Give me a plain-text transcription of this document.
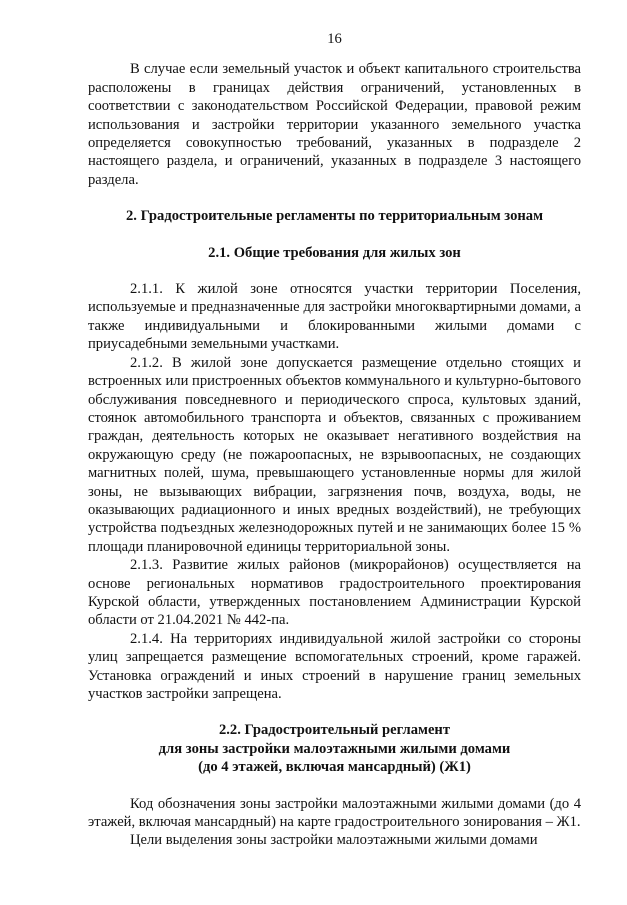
16

В случае если земельный участок и объект капитального строительства расположены в границах действия ограничений, установленных в соответствии с законодательством Российской Федерации, правовой режим использования и застройки территории указанного земельного участка определяется совокупностью требований, указанных в подразделе 2 настоящего раздела, и ограничений, указанных в подразделе 3 настоящего раздела.

2. Градостроительные регламенты по территориальным зонам
2.1. Общие требования для жилых зон

2.1.1. К жилой зоне относятся участки территории Поселения, используемые и предназначенные для застройки многоквартирными домами, а также индивидуальными и блокированными жилыми домами с приусадебными земельными участками.

2.1.2. В жилой зоне допускается размещение отдельно стоящих и встроенных или пристроенных объектов коммунального и культурно-бытового обслуживания повседневного и периодического спроса, культовых зданий, стоянок автомобильного транспорта и объектов, связанных с проживанием граждан, деятельность которых не оказывает негативного воздействия на окружающую среду (не пожароопасных, не взрывоопасных, не создающих магнитных полей, шума, превышающего установленные нормы для жилой зоны, не вызывающих вибрации, загрязнения почв, воздуха, воды, не оказывающих радиационного и иных вредных воздействий), не требующих устройства подъездных железнодорожных путей и не занимающих более 15 % площади планировочной единицы территориальной зоны.

2.1.3. Развитие жилых районов (микрорайонов) осуществляется на основе региональных нормативов градостроительного проектирования Курской области, утвержденных постановлением Администрации Курской области от 21.04.2021 № 442-па.

2.1.4. На территориях индивидуальной жилой застройки со стороны улиц запрещается размещение вспомогательных строений, кроме гаражей. Установка ограждений и иных строений в нарушение границ земельных участков застройки запрещена.

2.2. Градостроительный регламент
для зоны застройки малоэтажными жилыми домами
(до 4 этажей, включая мансардный) (Ж1)

Код обозначения зоны застройки малоэтажными жилыми домами (до 4 этажей, включая мансардный) на карте градостроительного зонирования – Ж1.

Цели выделения зоны застройки малоэтажными жилыми домами
